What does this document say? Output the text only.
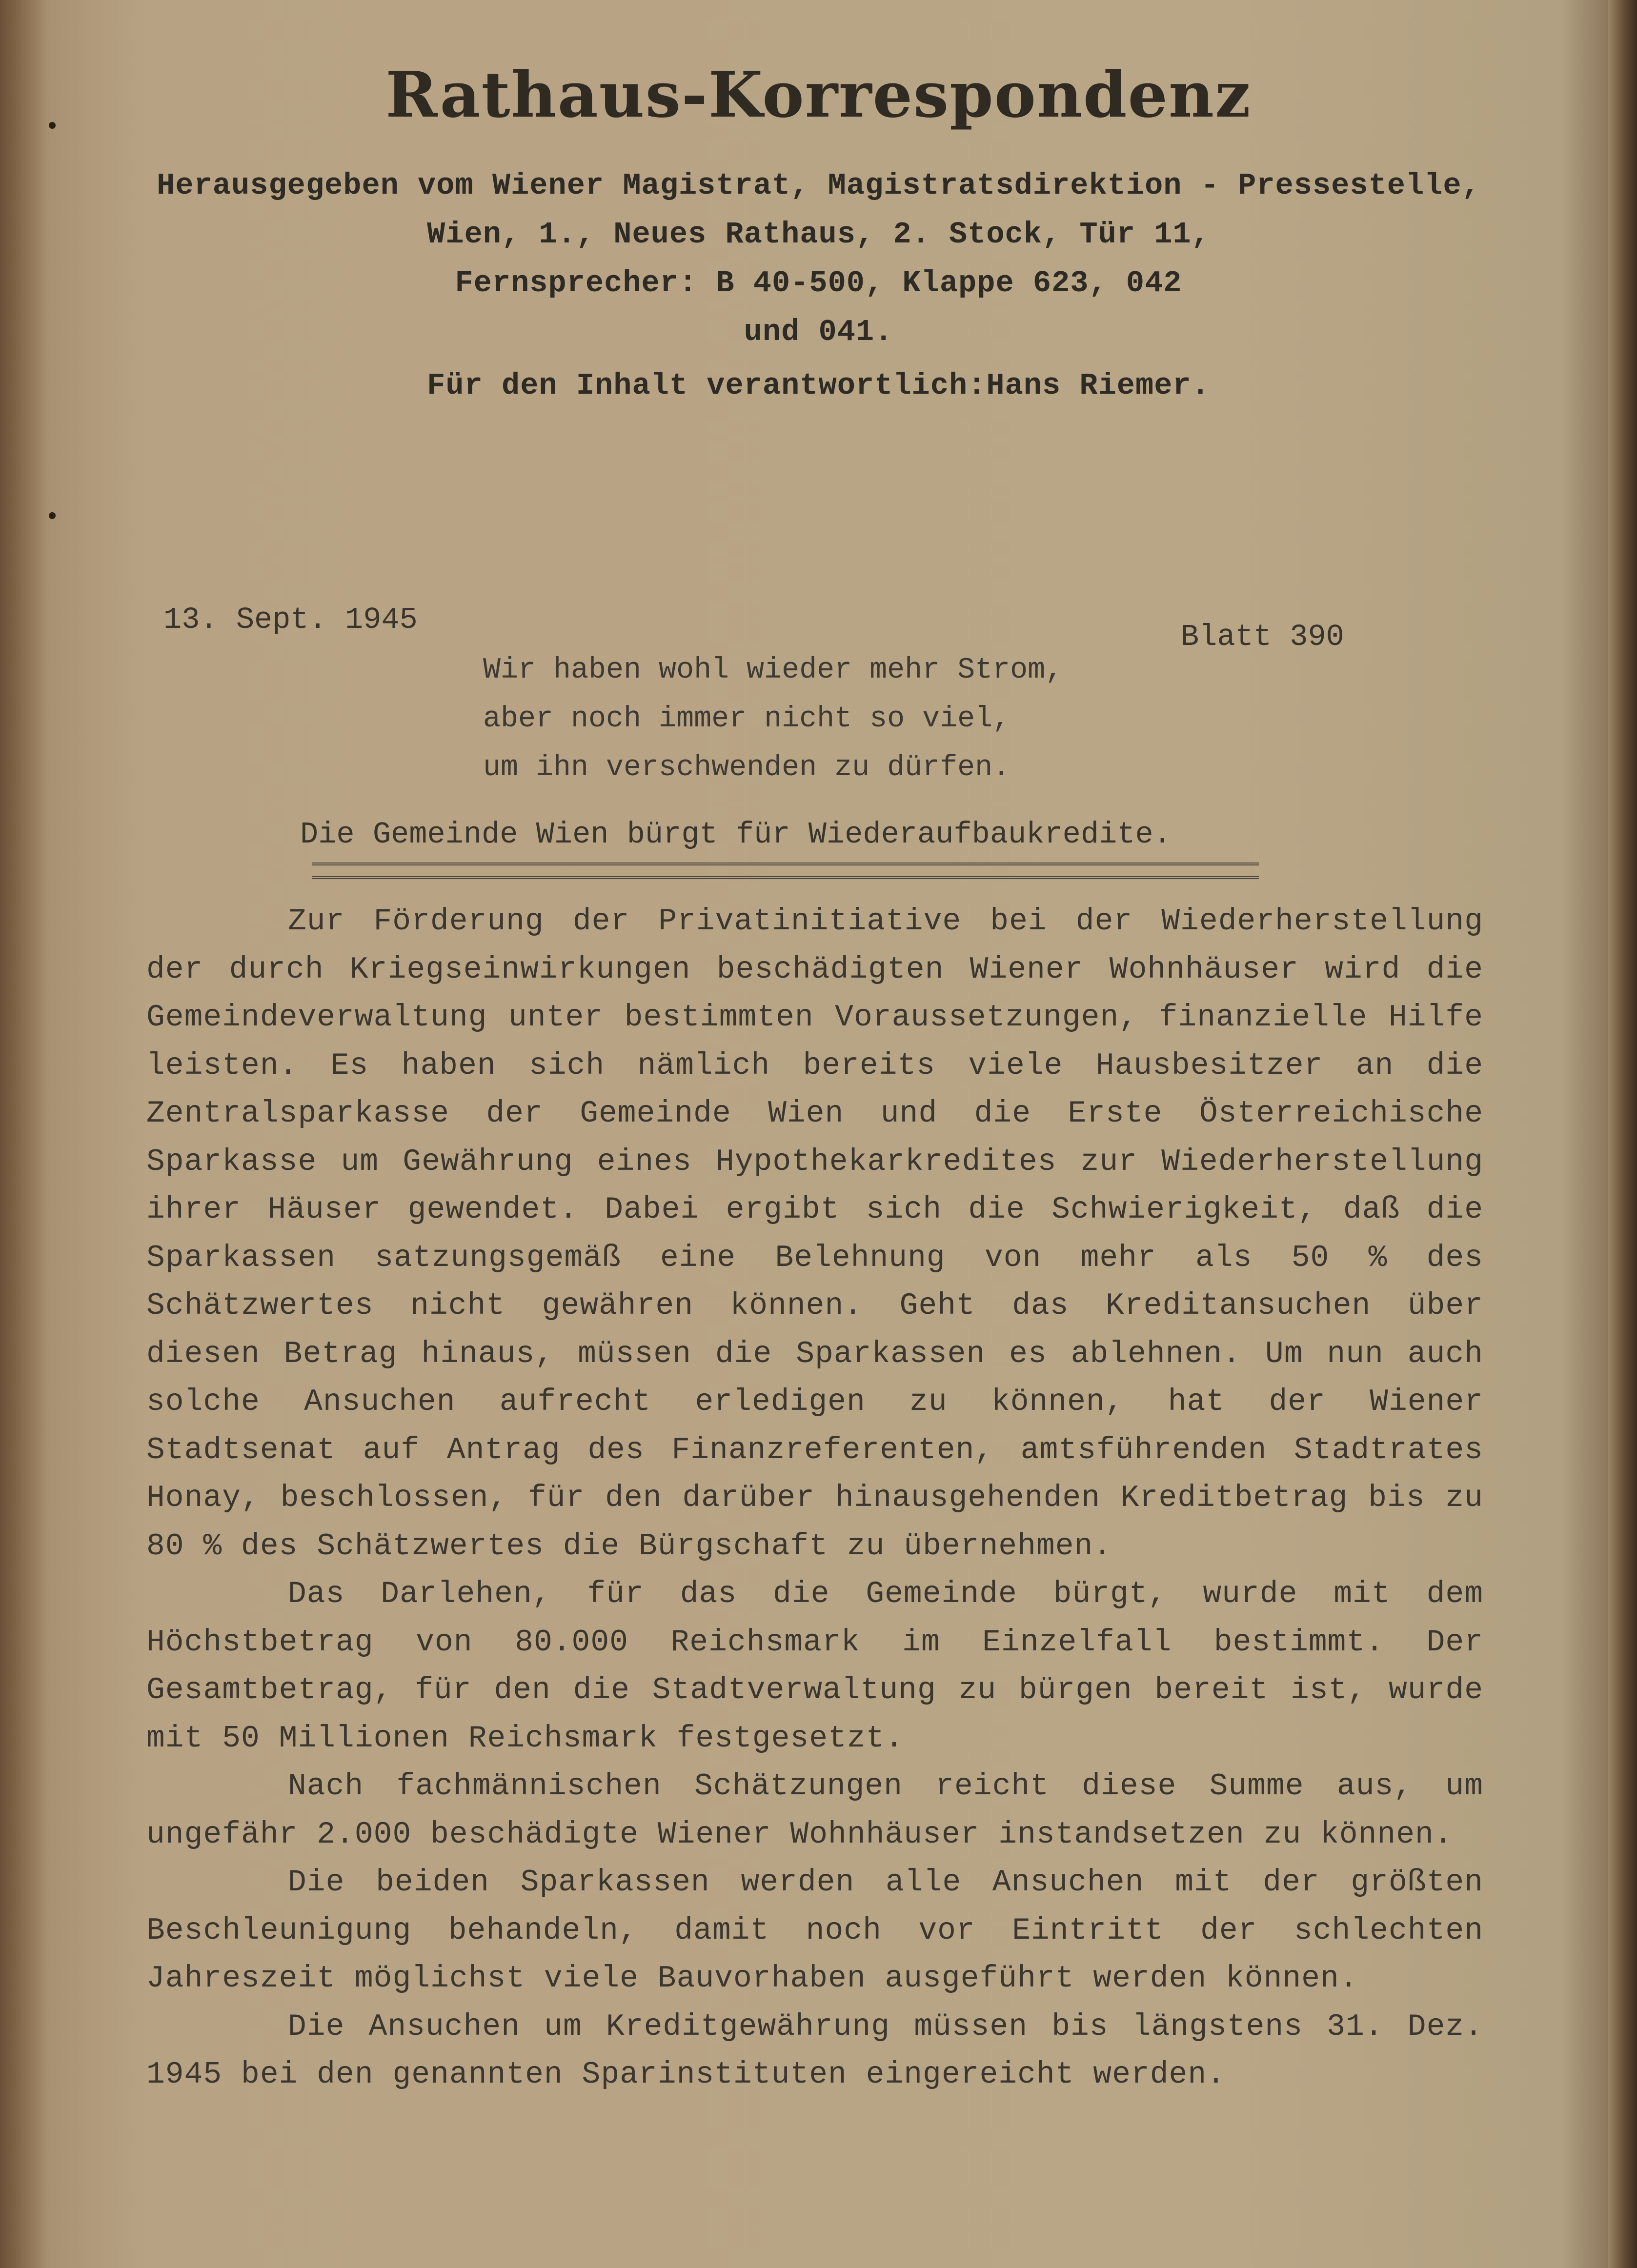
Rathaus-Korrespondenz
Herausgegeben vom Wiener Magistrat, Magistratsdirektion - Pressestelle,
Wien, 1., Neues Rathaus, 2. Stock, Tür 11,
Fernsprecher: B 40-500, Klappe 623, 042
und 041.
Für den Inhalt verantwortlich:Hans Riemer.
13. Sept. 1945	Blatt 390
Wir haben wohl wieder mehr Strom,
aber noch immer nicht so viel,
um ihn verschwenden zu dürfen.
Die Gemeinde Wien bürgt für Wiederaufbaukredite.

Zur Förderung der Privatinitiative bei der Wiederherstellung der durch Kriegseinwirkungen beschädigten Wiener Wohnhäuser wird die Gemeindeverwaltung unter bestimmten Voraussetzungen, finanzielle Hilfe leisten. Es haben sich nämlich bereits viele Hausbesitzer an die Zentralsparkasse der Gemeinde Wien und die Erste Österreichische Sparkasse um Gewährung eines Hypothekarkredites zur Wiederherstellung ihrer Häuser gewendet. Dabei ergibt sich die Schwierigkeit, daß die Sparkassen satzungsgemäß eine Belehnung von mehr als 50 % des Schätzwertes nicht gewähren können. Geht das Kreditansuchen über diesen Betrag hinaus, müssen die Sparkassen es ablehnen. Um nun auch solche Ansuchen aufrecht erledigen zu können, hat der Wiener Stadtsenat auf Antrag des Finanzreferenten, amtsführenden Stadtrates Honay, beschlossen, für den darüber hinausgehenden Kreditbetrag bis zu 80 % des Schätzwertes die Bürgschaft zu übernehmen.

Das Darlehen, für das die Gemeinde bürgt, wurde mit dem Höchstbetrag von 80.000 Reichsmark im Einzelfall bestimmt. Der Gesamtbetrag, für den die Stadtverwaltung zu bürgen bereit ist, wurde mit 50 Millionen Reichsmark festgesetzt.

Nach fachmännischen Schätzungen reicht diese Summe aus, um ungefähr 2.000 beschädigte Wiener Wohnhäuser instandsetzen zu können.

Die beiden Sparkassen werden alle Ansuchen mit der größten Beschleunigung behandeln, damit noch vor Eintritt der schlechten Jahreszeit möglichst viele Bauvorhaben ausgeführt werden können.

Die Ansuchen um Kreditgewährung müssen bis längstens 31. Dez. 1945 bei den genannten Sparinstituten eingereicht werden.
